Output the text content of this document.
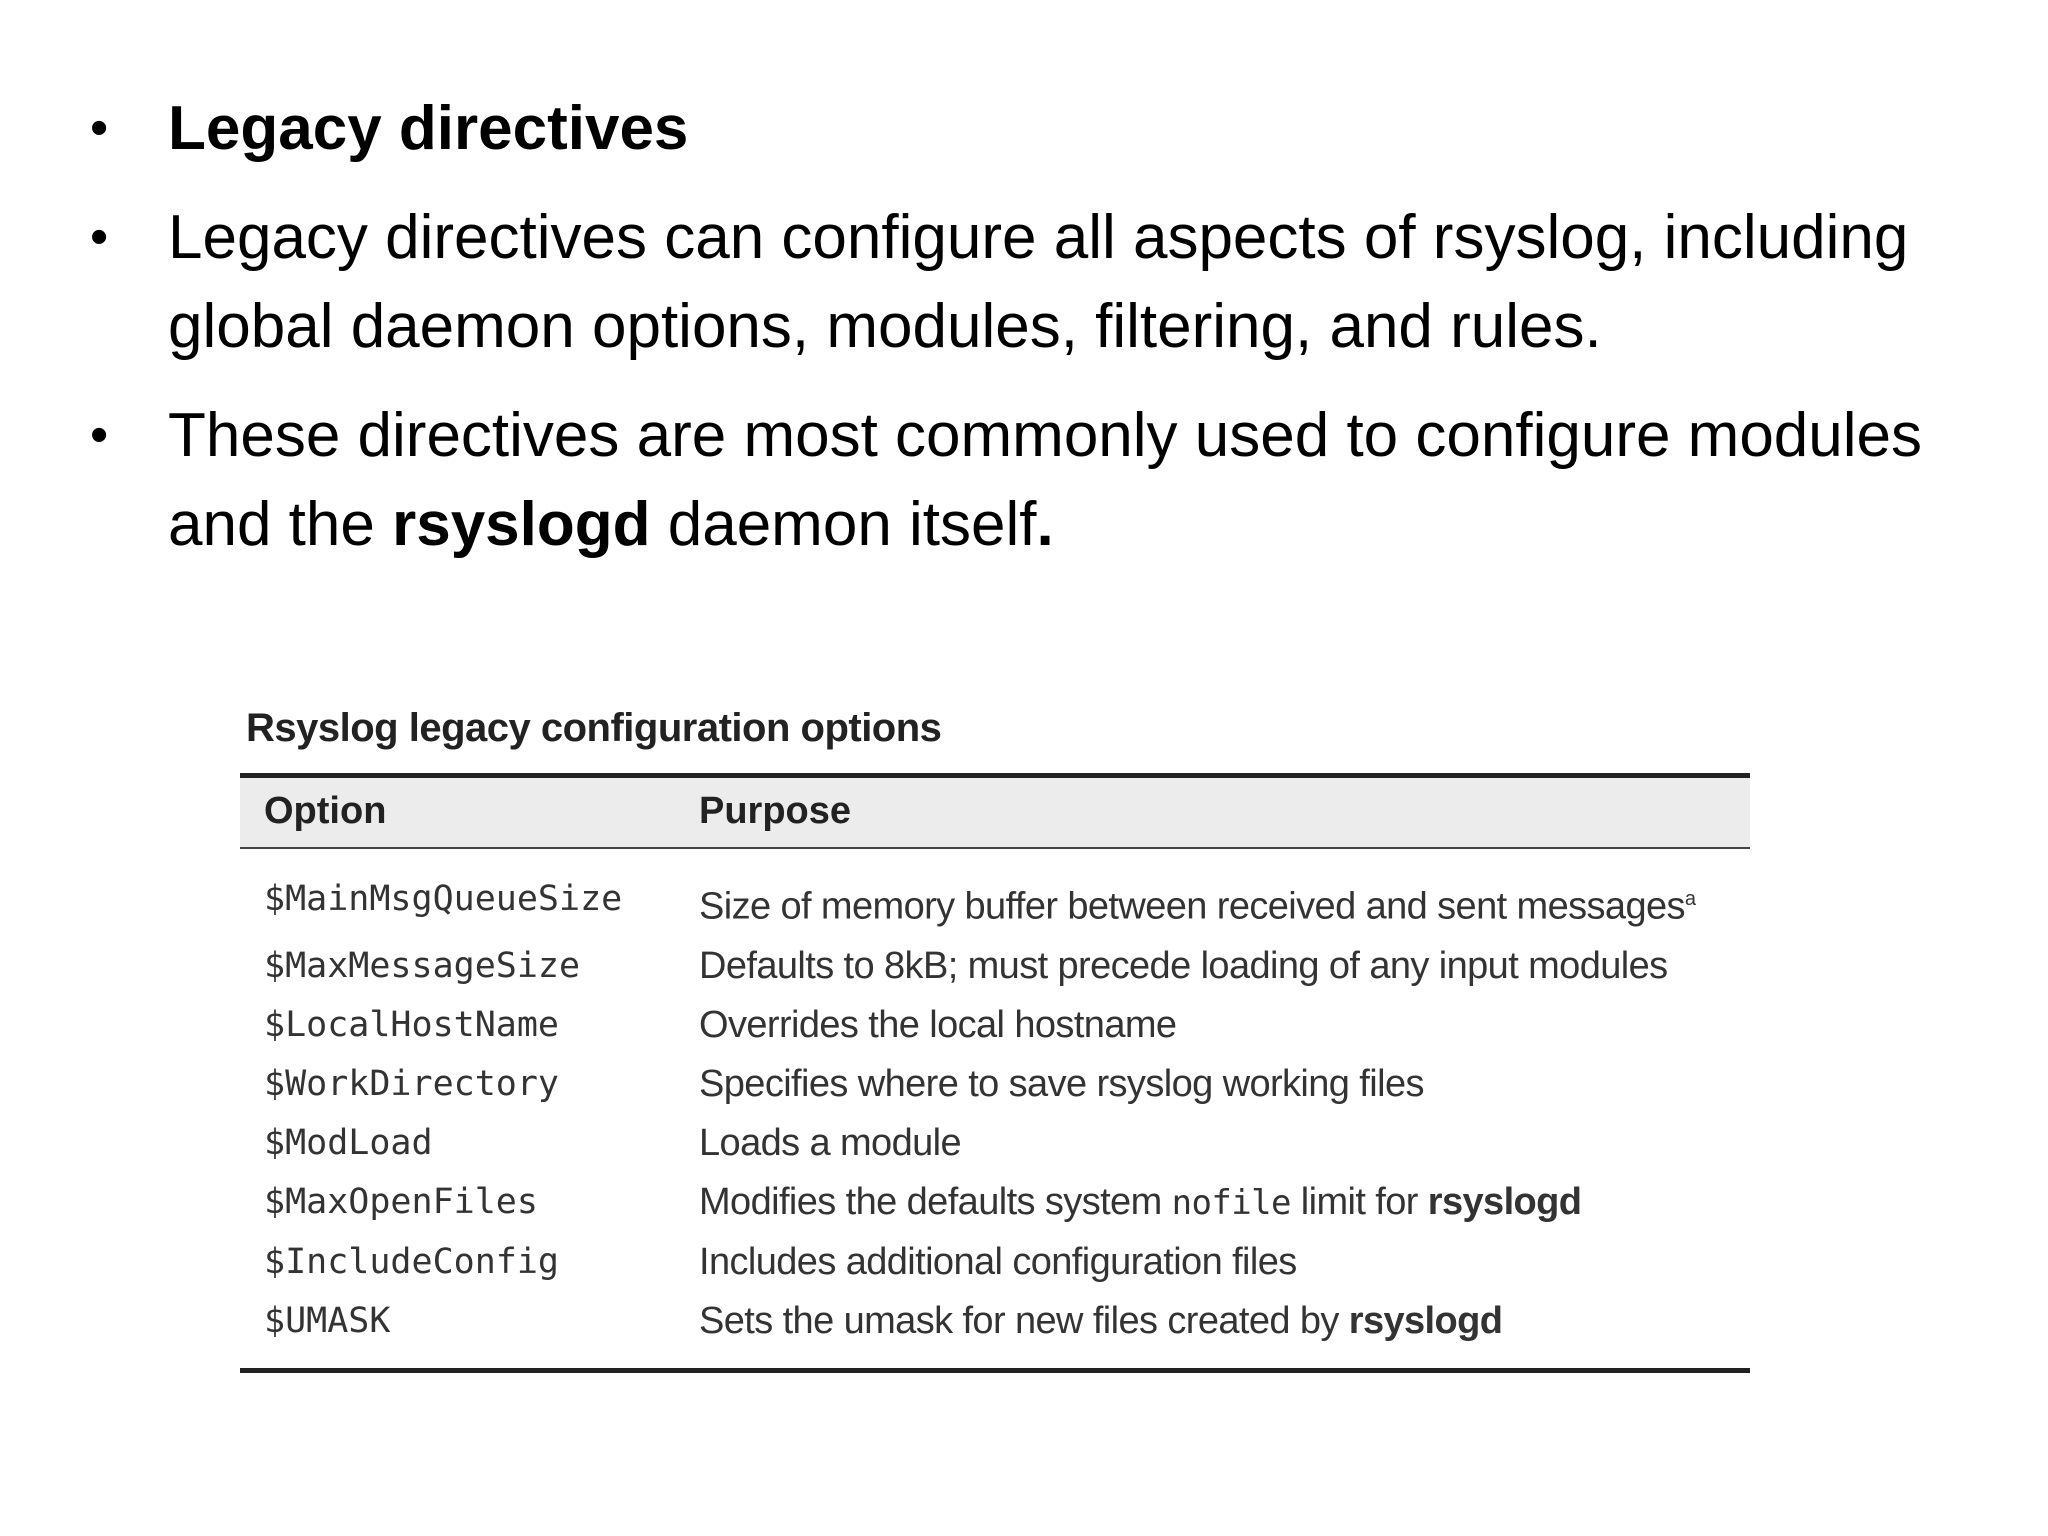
• Legacy directives
• Legacy directives can configure all aspects of rsyslog, including global daemon options, modules, filtering, and rules.
• These directives are most commonly used to configure modules and the rsyslogd daemon itself.
Rsyslog legacy configuration options
Option	Purpose
$MainMsgQueueSize	Size of memory buffer between received and sent messages$^a$
$MaxMessageSize	Defaults to 8kB; must precede loading of any input modules
$LocalHostName	Overrides the local hostname
$WorkDirectory	Specifies where to save rsyslog working files
$ModLoad	Loads a module
$MaxOpenFiles	Modifies the defaults system nofile limit for rsyslogd
$IncludeConfig	Includes additional configuration files
$UMASK	Sets the umask for new files created by rsyslogd
